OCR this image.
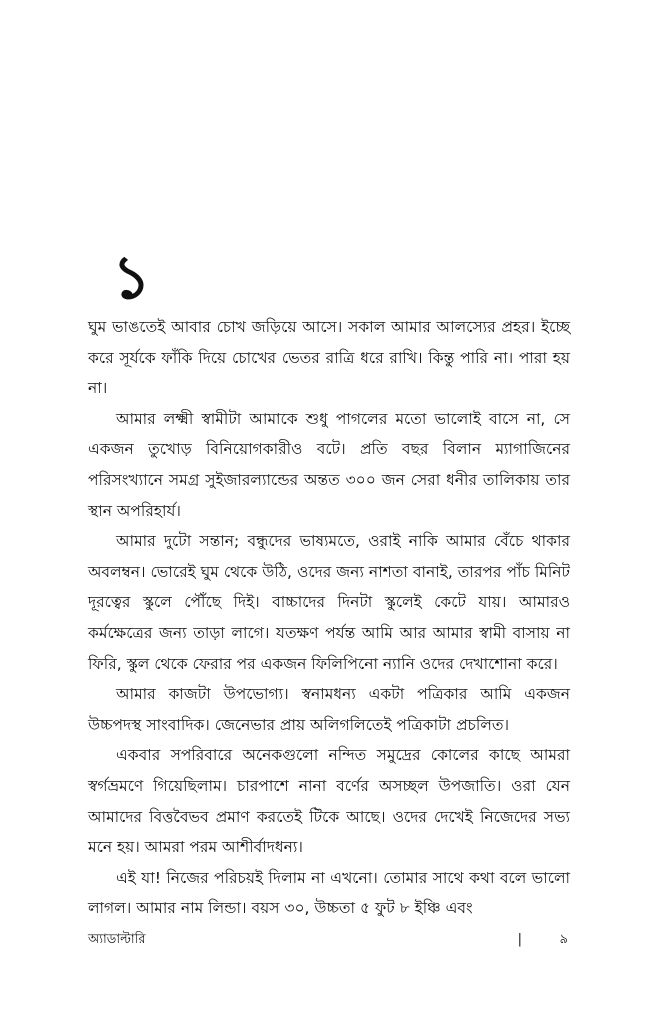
১

ঘুম ভাঙতেই আবার চোখ জড়িয়ে আসে। সকাল আমার আলস্যের প্রহর। ইচ্ছে করে সূর্যকে ফাঁকি দিয়ে চোখের ভেতর রাত্রি ধরে রাখি। কিন্তু পারি না। পারা হয় না।

আমার লক্ষ্মী স্বামীটা আমাকে শুধু পাগলের মতো ভালোই বাসে না, সে একজন তুখোড় বিনিয়োগকারীও বটে। প্রতি বছর বিলান ম্যাগাজিনের পরিসংখ্যানে সমগ্র সুইজারল্যান্ডের অন্তত ৩০০ জন সেরা ধনীর তালিকায় তার স্থান অপরিহার্য।

আমার দুটো সন্তান; বন্ধুদের ভাষ্যমতে, ওরাই নাকি আমার বেঁচে থাকার অবলম্বন। ভোরেই ঘুম থেকে উঠি, ওদের জন্য নাশতা বানাই, তারপর পাঁচ মিনিট দূরত্বের স্কুলে পৌঁছে দিই। বাচ্চাদের দিনটা স্কুলেই কেটে যায়। আমারও কর্মক্ষেত্রের জন্য তাড়া লাগে। যতক্ষণ পর্যন্ত আমি আর আমার স্বামী বাসায় না ফিরি, স্কুল থেকে ফেরার পর একজন ফিলিপিনো ন্যানি ওদের দেখাশোনা করে।

আমার কাজটা উপভোগ্য। স্বনামধন্য একটা পত্রিকার আমি একজন উচ্চপদস্থ সাংবাদিক। জেনেভার প্রায় অলিগলিতেই পত্রিকাটা প্রচলিত।

একবার সপরিবারে অনেকগুলো নন্দিত সমুদ্রের কোলের কাছে আমরা স্বর্গভ্রমণে গিয়েছিলাম। চারপাশে নানা বর্ণের অসচ্ছল উপজাতি। ওরা যেন আমাদের বিত্তবৈভব প্রমাণ করতেই টিকে আছে। ওদের দেখেই নিজেদের সভ্য মনে হয়। আমরা পরম আশীর্বাদধন্য।

এই যা! নিজের পরিচয়ই দিলাম না এখনো। তোমার সাথে কথা বলে ভালো লাগল। আমার নাম লিন্ডা। বয়স ৩০, উচ্চতা ৫ ফুট ৮ ইঞ্চি এবং

অ্যাডাল্টারি	|	৯
